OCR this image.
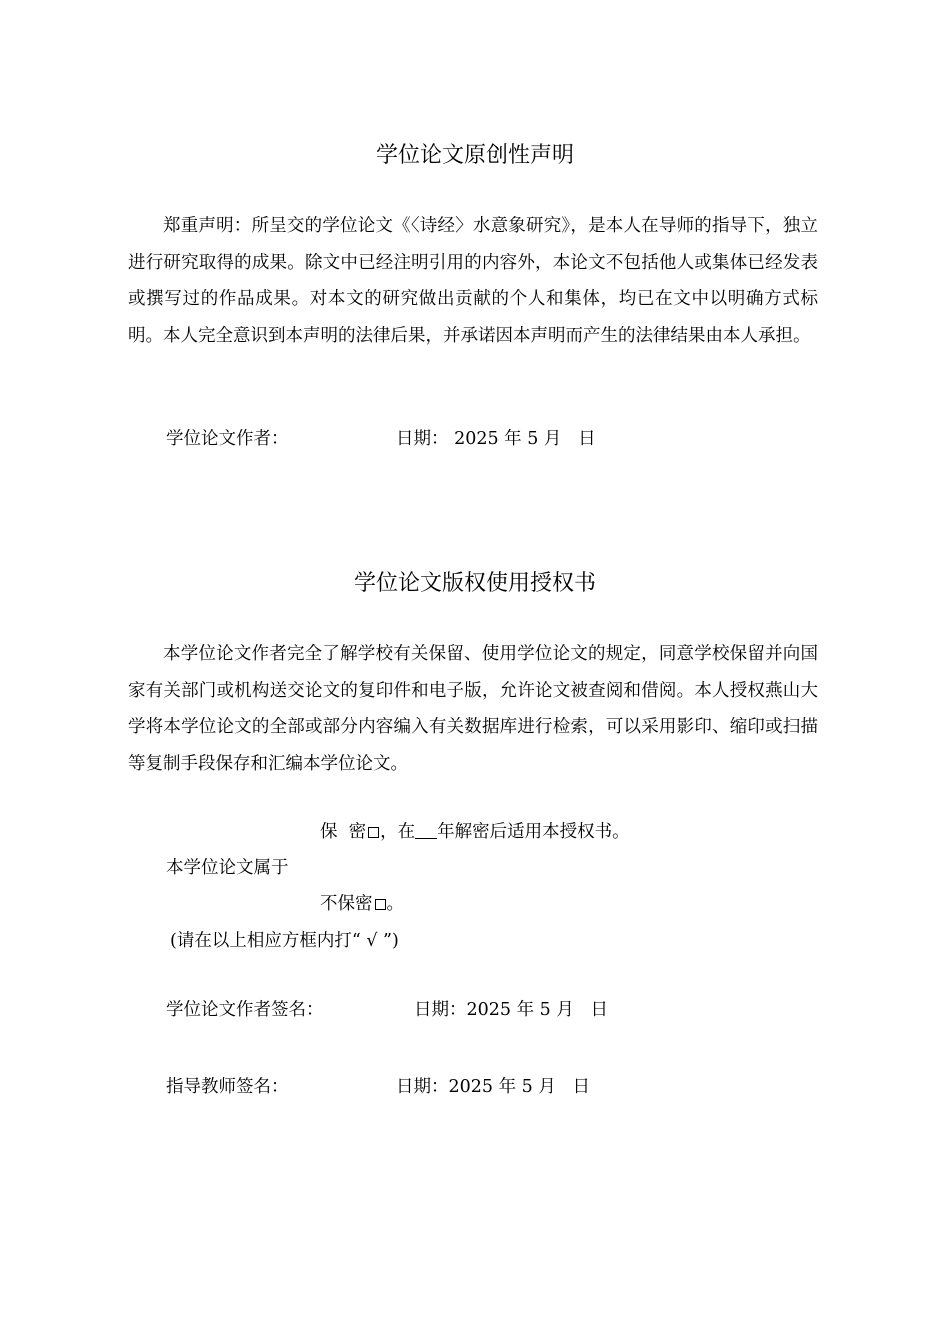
学位论文原创性声明

郑重声明：所呈交的学位论文《〈诗经〉水意象研究》，是本人在导师的指导下，独立进行研究取得的成果。除文中已经注明引用的内容外，本论文不包括他人或集体已经发表或撰写过的作品成果。对本文的研究做出贡献的个人和集体，均已在文中以明确方式标明。本人完全意识到本声明的法律后果，并承诺因本声明而产生的法律结果由本人承担。

学位论文作者：	日期： 2025 年 5 月   日
学位论文版权使用授权书

本学位论文作者完全了解学校有关保留、使用学位论文的规定，同意学校保留并向国家有关部门或机构送交论文的复印件和电子版，允许论文被查阅和借阅。本人授权燕山大学将本学位论文的全部或部分内容编入有关数据库进行检索，可以采用影印、缩印或扫描等复制手段保存和汇编本学位论文。

保  密 ，在 年解密后适用本授权书。
本学位论文属于
不保密 。
(请在以上相应方框内打“ √ ”)
学位论文作者签名：	日期：2025 年 5 月   日
指导教师签名：	日期：2025 年 5 月   日
